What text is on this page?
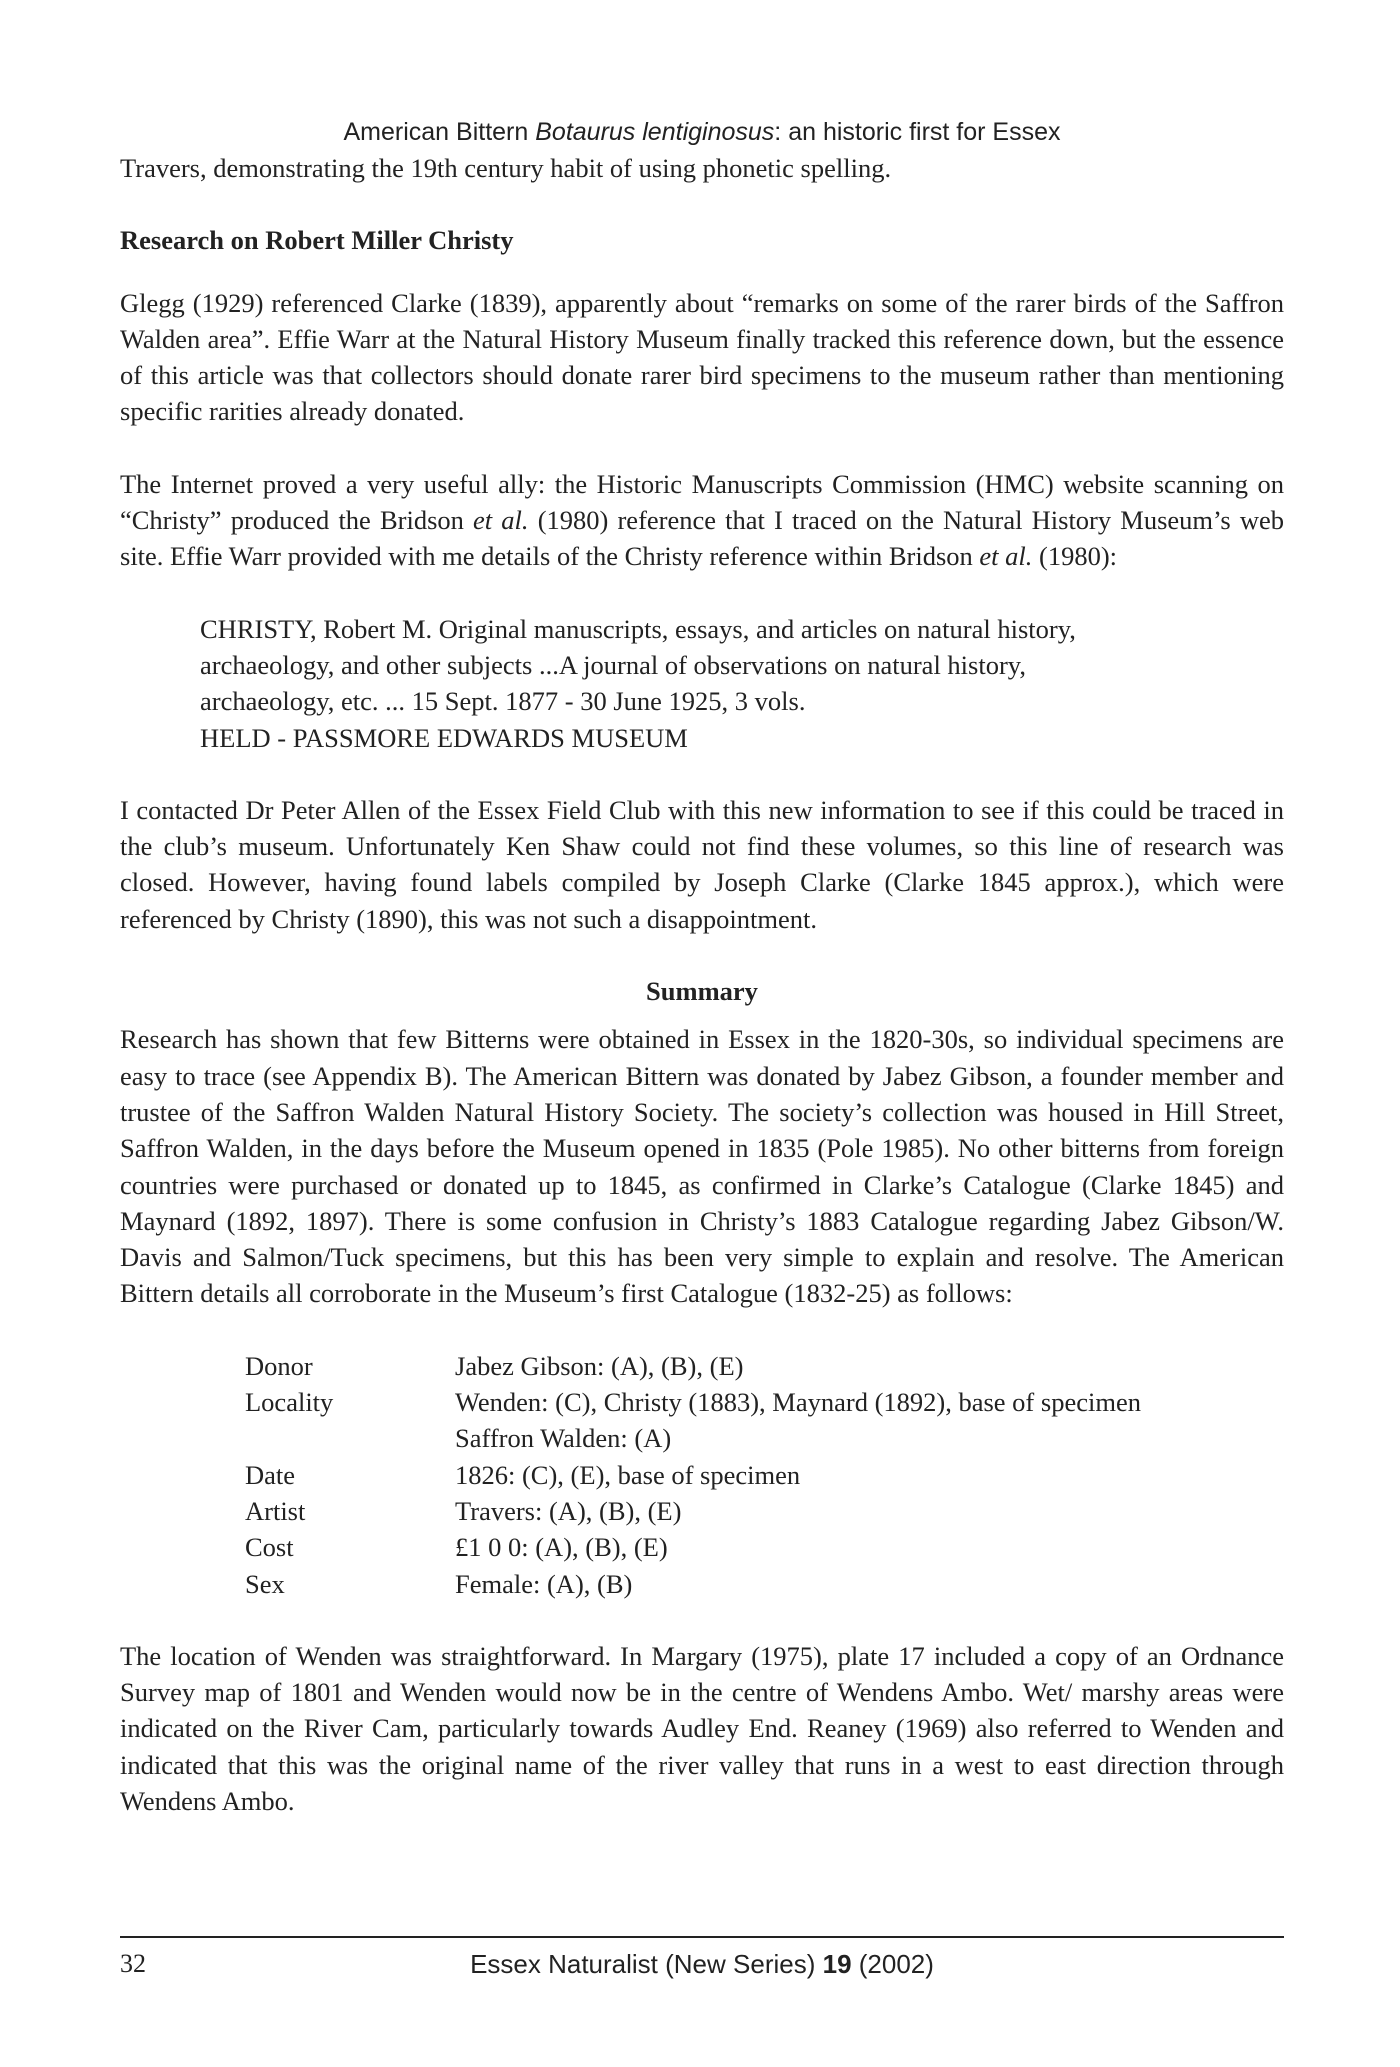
American Bittern Botaurus lentiginosus: an historic first for Essex

Travers, demonstrating the 19th century habit of using phonetic spelling.

Research on Robert Miller Christy

Glegg (1929) referenced Clarke (1839), apparently about “remarks on some of the rarer birds of the Saffron Walden area”. Effie Warr at the Natural History Museum finally tracked this reference down, but the essence of this article was that collectors should donate rarer bird specimens to the museum rather than mentioning specific rarities already donated.

The Internet proved a very useful ally: the Historic Manuscripts Commission (HMC) website scanning on “Christy” produced the Bridson et al. (1980) reference that I traced on the Natural History Museum’s web site. Effie Warr provided with me details of the Christy reference within Bridson et al. (1980):

CHRISTY, Robert M. Original manuscripts, essays, and articles on natural history,
archaeology, and other subjects ...A journal of observations on natural history,
archaeology, etc. ... 15 Sept. 1877 - 30 June 1925, 3 vols.
HELD - PASSMORE EDWARDS MUSEUM

I contacted Dr Peter Allen of the Essex Field Club with this new information to see if this could be traced in the club’s museum. Unfortunately Ken Shaw could not find these volumes, so this line of research was closed. However, having found labels compiled by Joseph Clarke (Clarke 1845 approx.), which were referenced by Christy (1890), this was not such a disappointment.

Summary

Research has shown that few Bitterns were obtained in Essex in the 1820-30s, so individual specimens are easy to trace (see Appendix B). The American Bittern was donated by Jabez Gibson, a founder member and trustee of the Saffron Walden Natural History Society. The society’s collection was housed in Hill Street, Saffron Walden, in the days before the Museum opened in 1835 (Pole 1985). No other bitterns from foreign countries were purchased or donated up to 1845, as confirmed in Clarke’s Catalogue (Clarke 1845) and Maynard (1892, 1897). There is some confusion in Christy’s 1883 Catalogue regarding Jabez Gibson/W. Davis and Salmon/Tuck specimens, but this has been very simple to explain and resolve. The American Bittern details all corroborate in the Museum’s first Catalogue (1832-25) as follows:

Donor	Jabez Gibson: (A), (B), (E)
Locality	Wenden: (C), Christy (1883), Maynard (1892), base of specimen
	Saffron Walden: (A)
Date	1826: (C), (E), base of specimen
Artist	Travers: (A), (B), (E)
Cost	£1 0 0: (A), (B), (E)
Sex	Female: (A), (B)

The location of Wenden was straightforward. In Margary (1975), plate 17 included a copy of an Ordnance Survey map of 1801 and Wenden would now be in the centre of Wendens Ambo. Wet/ marshy areas were indicated on the River Cam, particularly towards Audley End. Reaney (1969) also referred to Wenden and indicated that this was the original name of the river valley that runs in a west to east direction through Wendens Ambo.

32	Essex Naturalist (New Series) 19 (2002)
